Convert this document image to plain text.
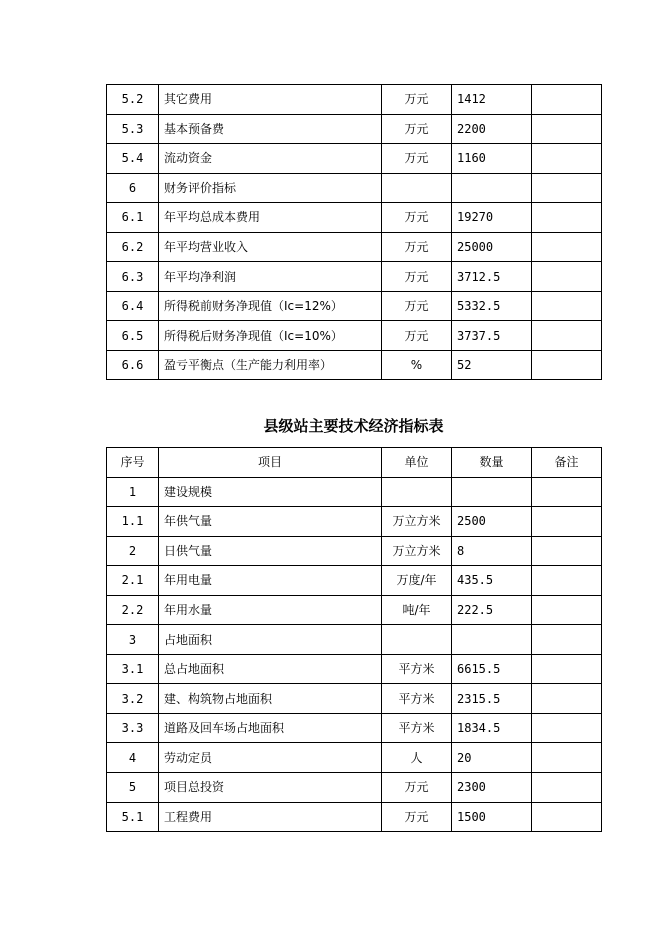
5.2	其它费用	万元	1412	
5.3	基本预备费	万元	2200	
5.4	流动资金	万元	1160	
6	财务评价指标			
6.1	年平均总成本费用	万元	19270	
6.2	年平均营业收入	万元	25000	
6.3	年平均净利润	万元	3712.5	
6.4	所得税前财务净现值（Ic=12%）	万元	5332.5	
6.5	所得税后财务净现值（Ic=10%）	万元	3737.5	
6.6	盈亏平衡点（生产能力利用率）	%	52	
县级站主要技术经济指标表
序号	项目	单位	数量	备注
1	建设规模			
1.1	年供气量	万立方米	2500	
2	日供气量	万立方米	8	
2.1	年用电量	万度/年	435.5	
2.2	年用水量	吨/年	222.5	
3	占地面积			
3.1	总占地面积	平方米	6615.5	
3.2	建、构筑物占地面积	平方米	2315.5	
3.3	道路及回车场占地面积	平方米	1834.5	
4	劳动定员	人	20	
5	项目总投资	万元	2300	
5.1	工程费用	万元	1500	
